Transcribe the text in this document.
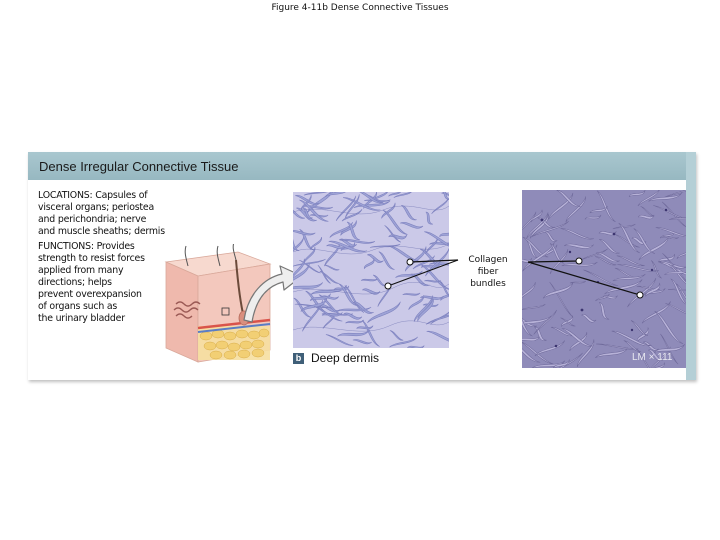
Figure 4-11b Dense Connective Tissues
Dense Irregular Connective Tissue
LOCATIONS: Capsules of
visceral organs; periostea
and perichondria; nerve
and muscle sheaths; dermis
FUNCTIONS: Provides
strength to resist forces
applied from many
directions; helps
prevent overexpansion
of organs such as
the urinary bladder
Collagen
fiber
bundles
b Deep dermis	LM × 111
